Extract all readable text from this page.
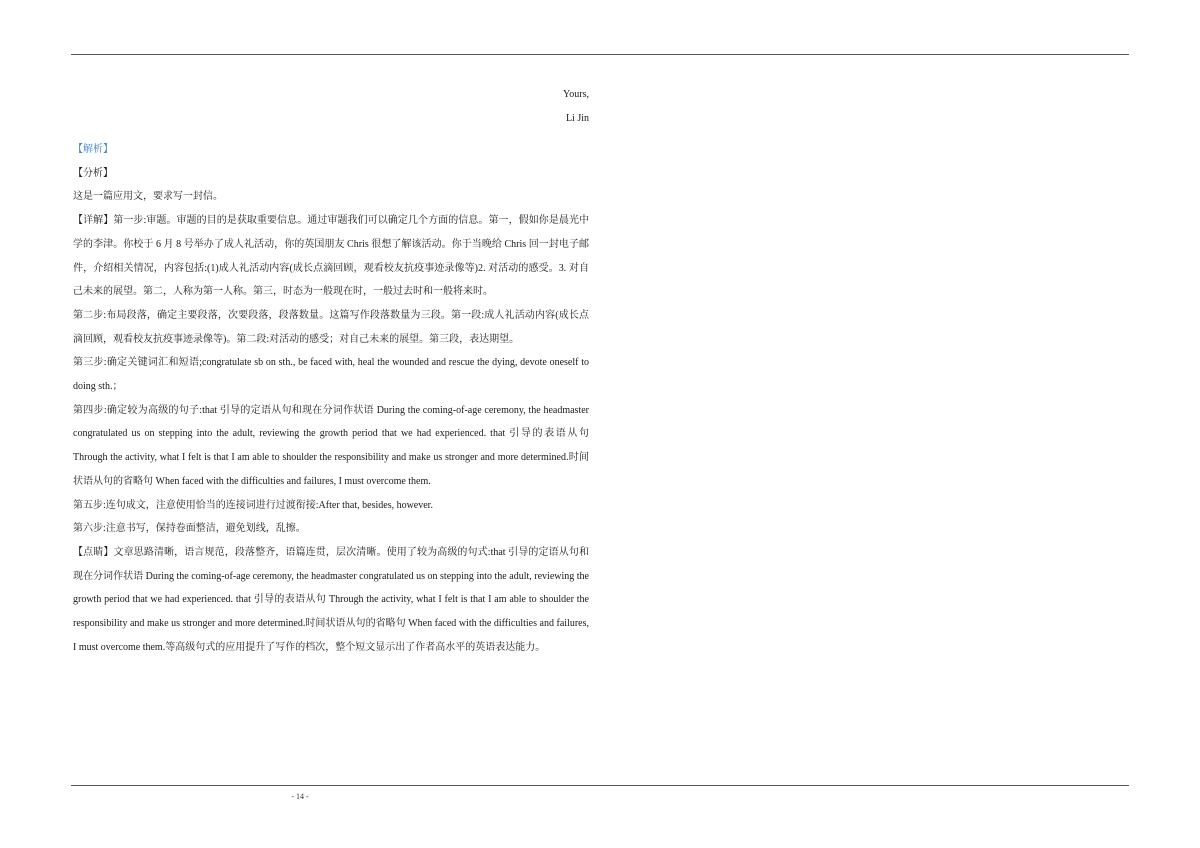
Yours,
Li Jin

【解析】

【分析】

这是一篇应用文，要求写一封信。

【详解】第一步:审题。审题的目的是获取重要信息。通过审题我们可以确定几个方面的信息。第一，假如你是晨光中学的李津。你校于 6 月 8 号举办了成人礼活动，你的英国朋友 Chris 很想了解该活动。你于当晚给 Chris 回一封电子邮件，介绍相关情况，内容包括:(1)成人礼活动内容(成长点滴回顾，观看校友抗疫事迹录像等)2. 对活动的感受。3. 对自己未来的展望。第二，人称为第一人称。第三，时态为一般现在时，一般过去时和一般将来时。

第二步:布局段落，确定主要段落，次要段落，段落数量。这篇写作段落数量为三段。第一段:成人礼活动内容(成长点滴回顾，观看校友抗疫事迹录像等)。第二段:对活动的感受；对自己未来的展望。第三段，表达期望。

第三步:确定关键词汇和短语;congratulate sb on sth., be faced with, heal the wounded and rescue the dying, devote oneself to doing sth.；

第四步:确定较为高级的句子:that 引导的定语从句和现在分词作状语 During the coming-of-age ceremony, the headmaster congratulated us on stepping into the adult, reviewing the growth period that we had experienced. that 引导的表语从句 Through the activity, what I felt is that I am able to shoulder the responsibility and make us stronger and more determined.时间状语从句的省略句 When faced with the difficulties and failures, I must overcome them.

第五步:连句成文，注意使用恰当的连接词进行过渡衔接:After that, besides, however.

第六步:注意书写，保持卷面整洁，避免划线，乱擦。

【点睛】文章思路清晰，语言规范，段落整齐，语篇连贯，层次清晰。使用了较为高级的句式:that 引导的定语从句和现在分词作状语 During the coming-of-age ceremony, the headmaster congratulated us on stepping into the adult, reviewing the growth period that we had experienced. that 引导的表语从句 Through the activity, what I felt is that I am able to shoulder the responsibility and make us stronger and more determined.时间状语从句的省略句 When faced with the difficulties and failures, I must overcome them.等高级句式的应用提升了写作的档次，整个短文显示出了作者高水平的英语表达能力。

- 14 -
